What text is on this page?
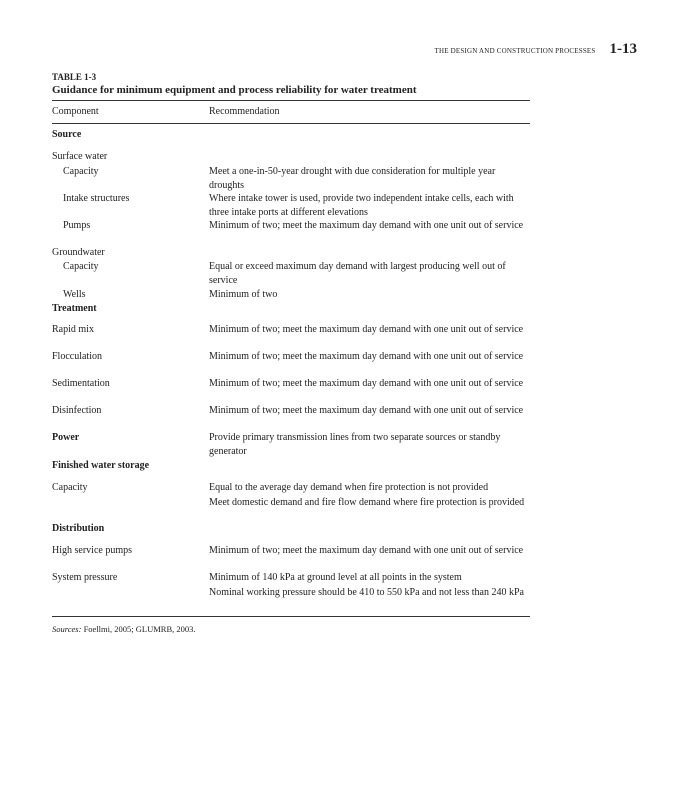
THE DESIGN AND CONSTRUCTION PROCESSES 1-13
TABLE 1-3
Guidance for minimum equipment and process reliability for water treatment
Component	Recommendation
Source
Surface water
Capacity	Meet a one-in-50-year drought with due consideration for multiple year droughts
Intake structures	Where intake tower is used, provide two independent intake cells, each with three intake ports at different elevations
Pumps	Minimum of two; meet the maximum day demand with one unit out of service
Groundwater
Capacity	Equal or exceed maximum day demand with largest producing well out of service
Wells	Minimum of two
Treatment
Rapid mix	Minimum of two; meet the maximum day demand with one unit out of service
Flocculation	Minimum of two; meet the maximum day demand with one unit out of service
Sedimentation	Minimum of two; meet the maximum day demand with one unit out of service
Disinfection	Minimum of two; meet the maximum day demand with one unit out of service
Power	Provide primary transmission lines from two separate sources or standby generator
Finished water storage
Capacity	Equal to the average day demand when fire protection is not provided
Meet domestic demand and fire flow demand where fire protection is provided
Distribution
High service pumps	Minimum of two; meet the maximum day demand with one unit out of service
System pressure	Minimum of 140 kPa at ground level at all points in the system
Nominal working pressure should be 410 to 550 kPa and not less than 240 kPa
Sources: Foellmi, 2005; GLUMRB, 2003.
